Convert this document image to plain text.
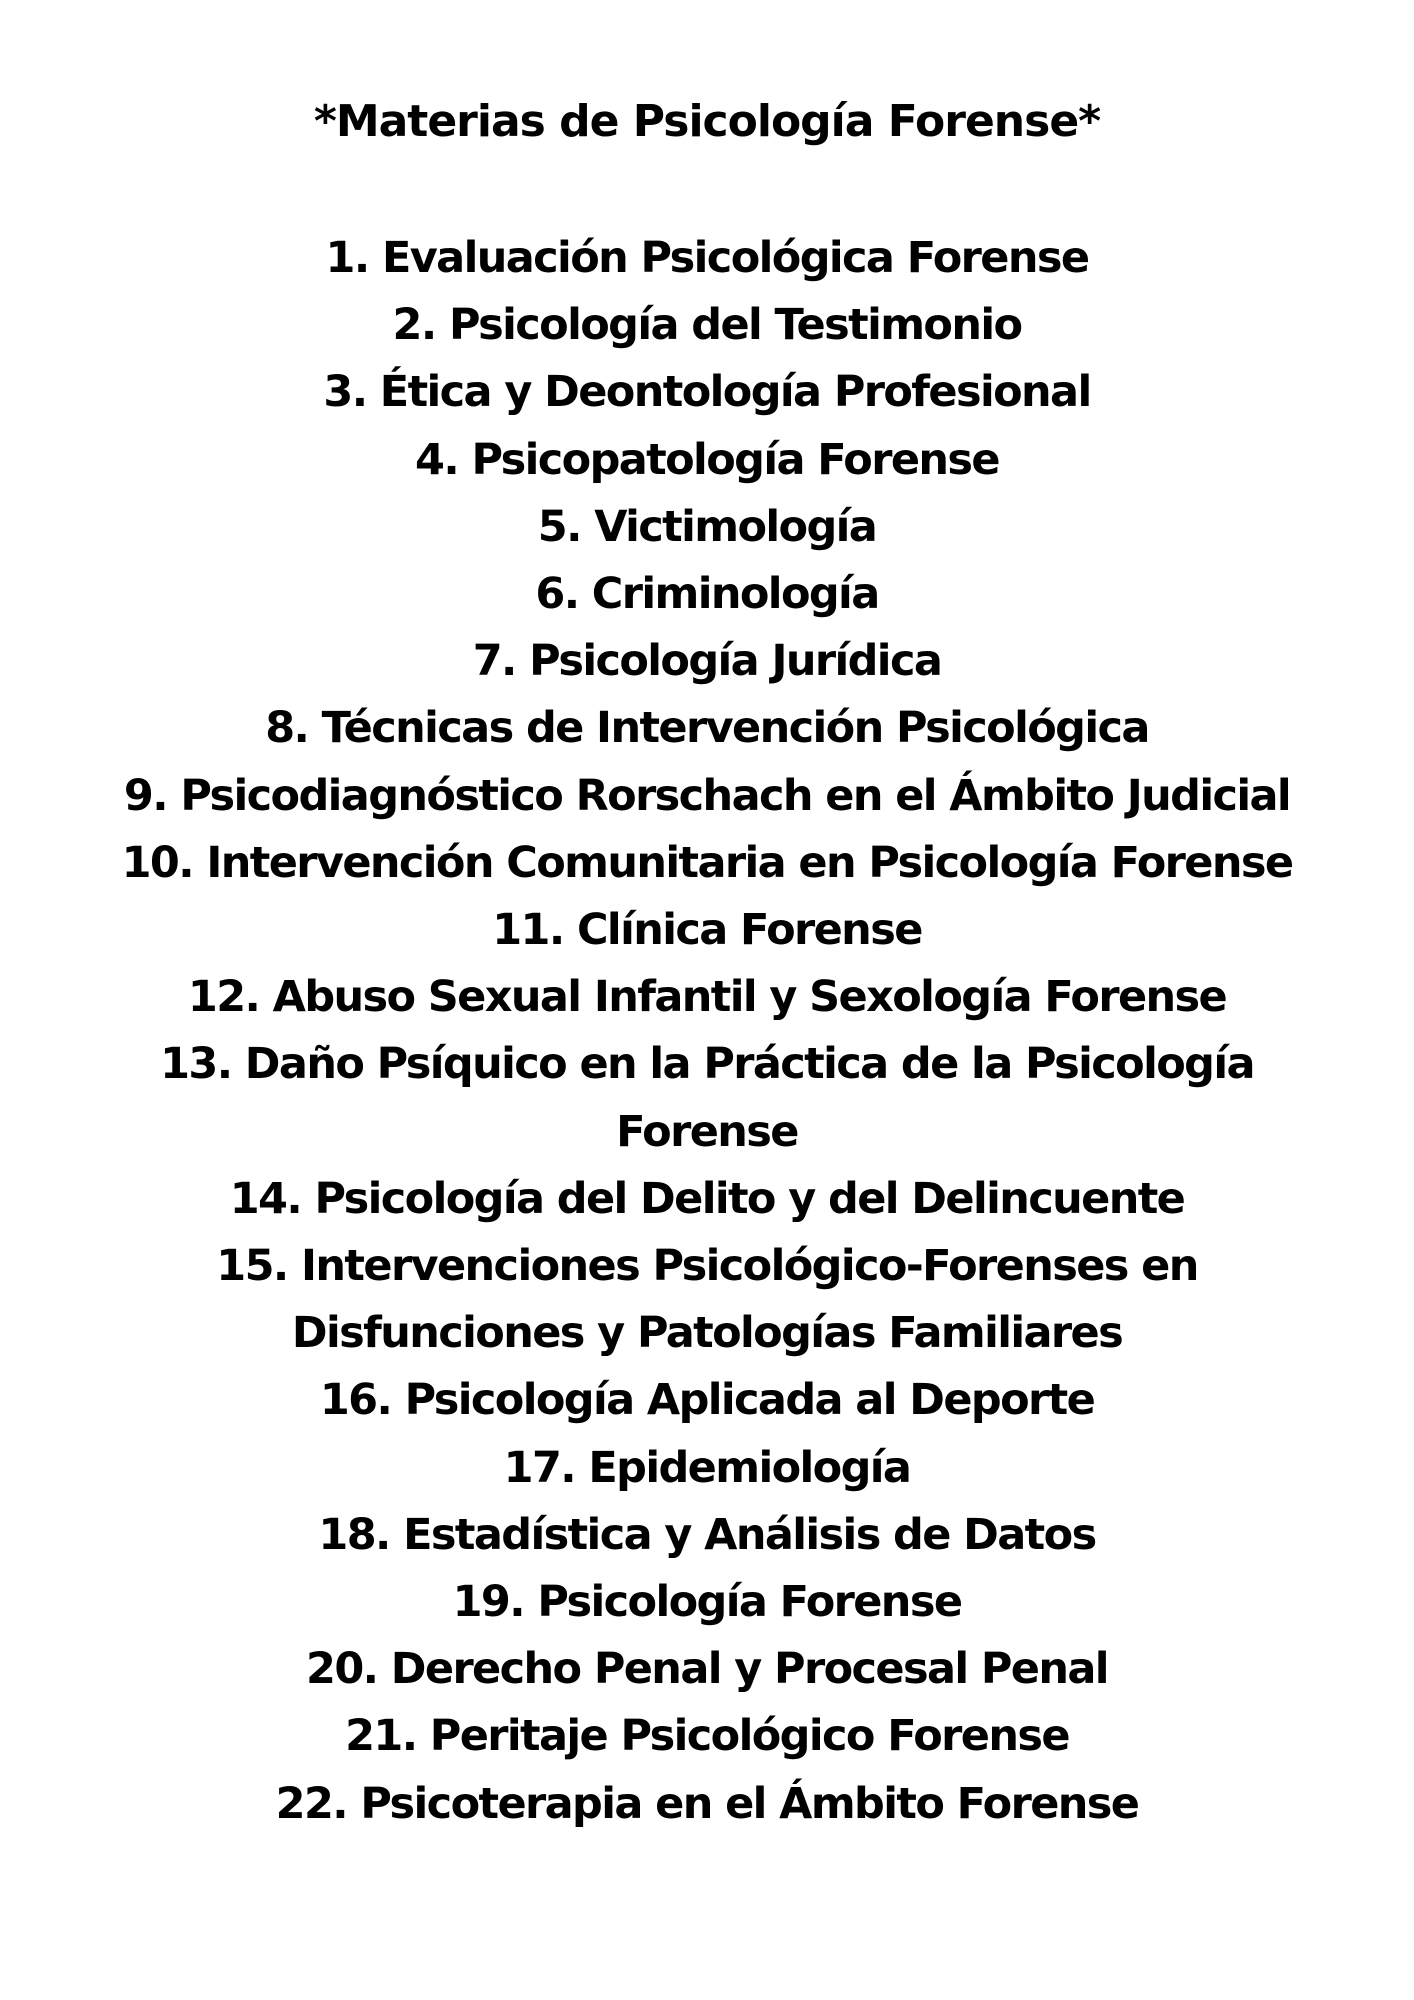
*Materias de Psicología Forense*
1. Evaluación Psicológica Forense
2. Psicología del Testimonio
3. Ética y Deontología Profesional
4. Psicopatología Forense
5. Victimología
6. Criminología
7. Psicología Jurídica
8. Técnicas de Intervención Psicológica
9. Psicodiagnóstico Rorschach en el Ámbito Judicial
10. Intervención Comunitaria en Psicología Forense
11. Clínica Forense
12. Abuso Sexual Infantil y Sexología Forense
13. Daño Psíquico en la Práctica de la Psicología Forense
14. Psicología del Delito y del Delincuente
15. Intervenciones Psicológico-Forenses en Disfunciones y Patologías Familiares
16. Psicología Aplicada al Deporte
17. Epidemiología
18. Estadística y Análisis de Datos
19. Psicología Forense
20. Derecho Penal y Procesal Penal
21. Peritaje Psicológico Forense
22. Psicoterapia en el Ámbito Forense
